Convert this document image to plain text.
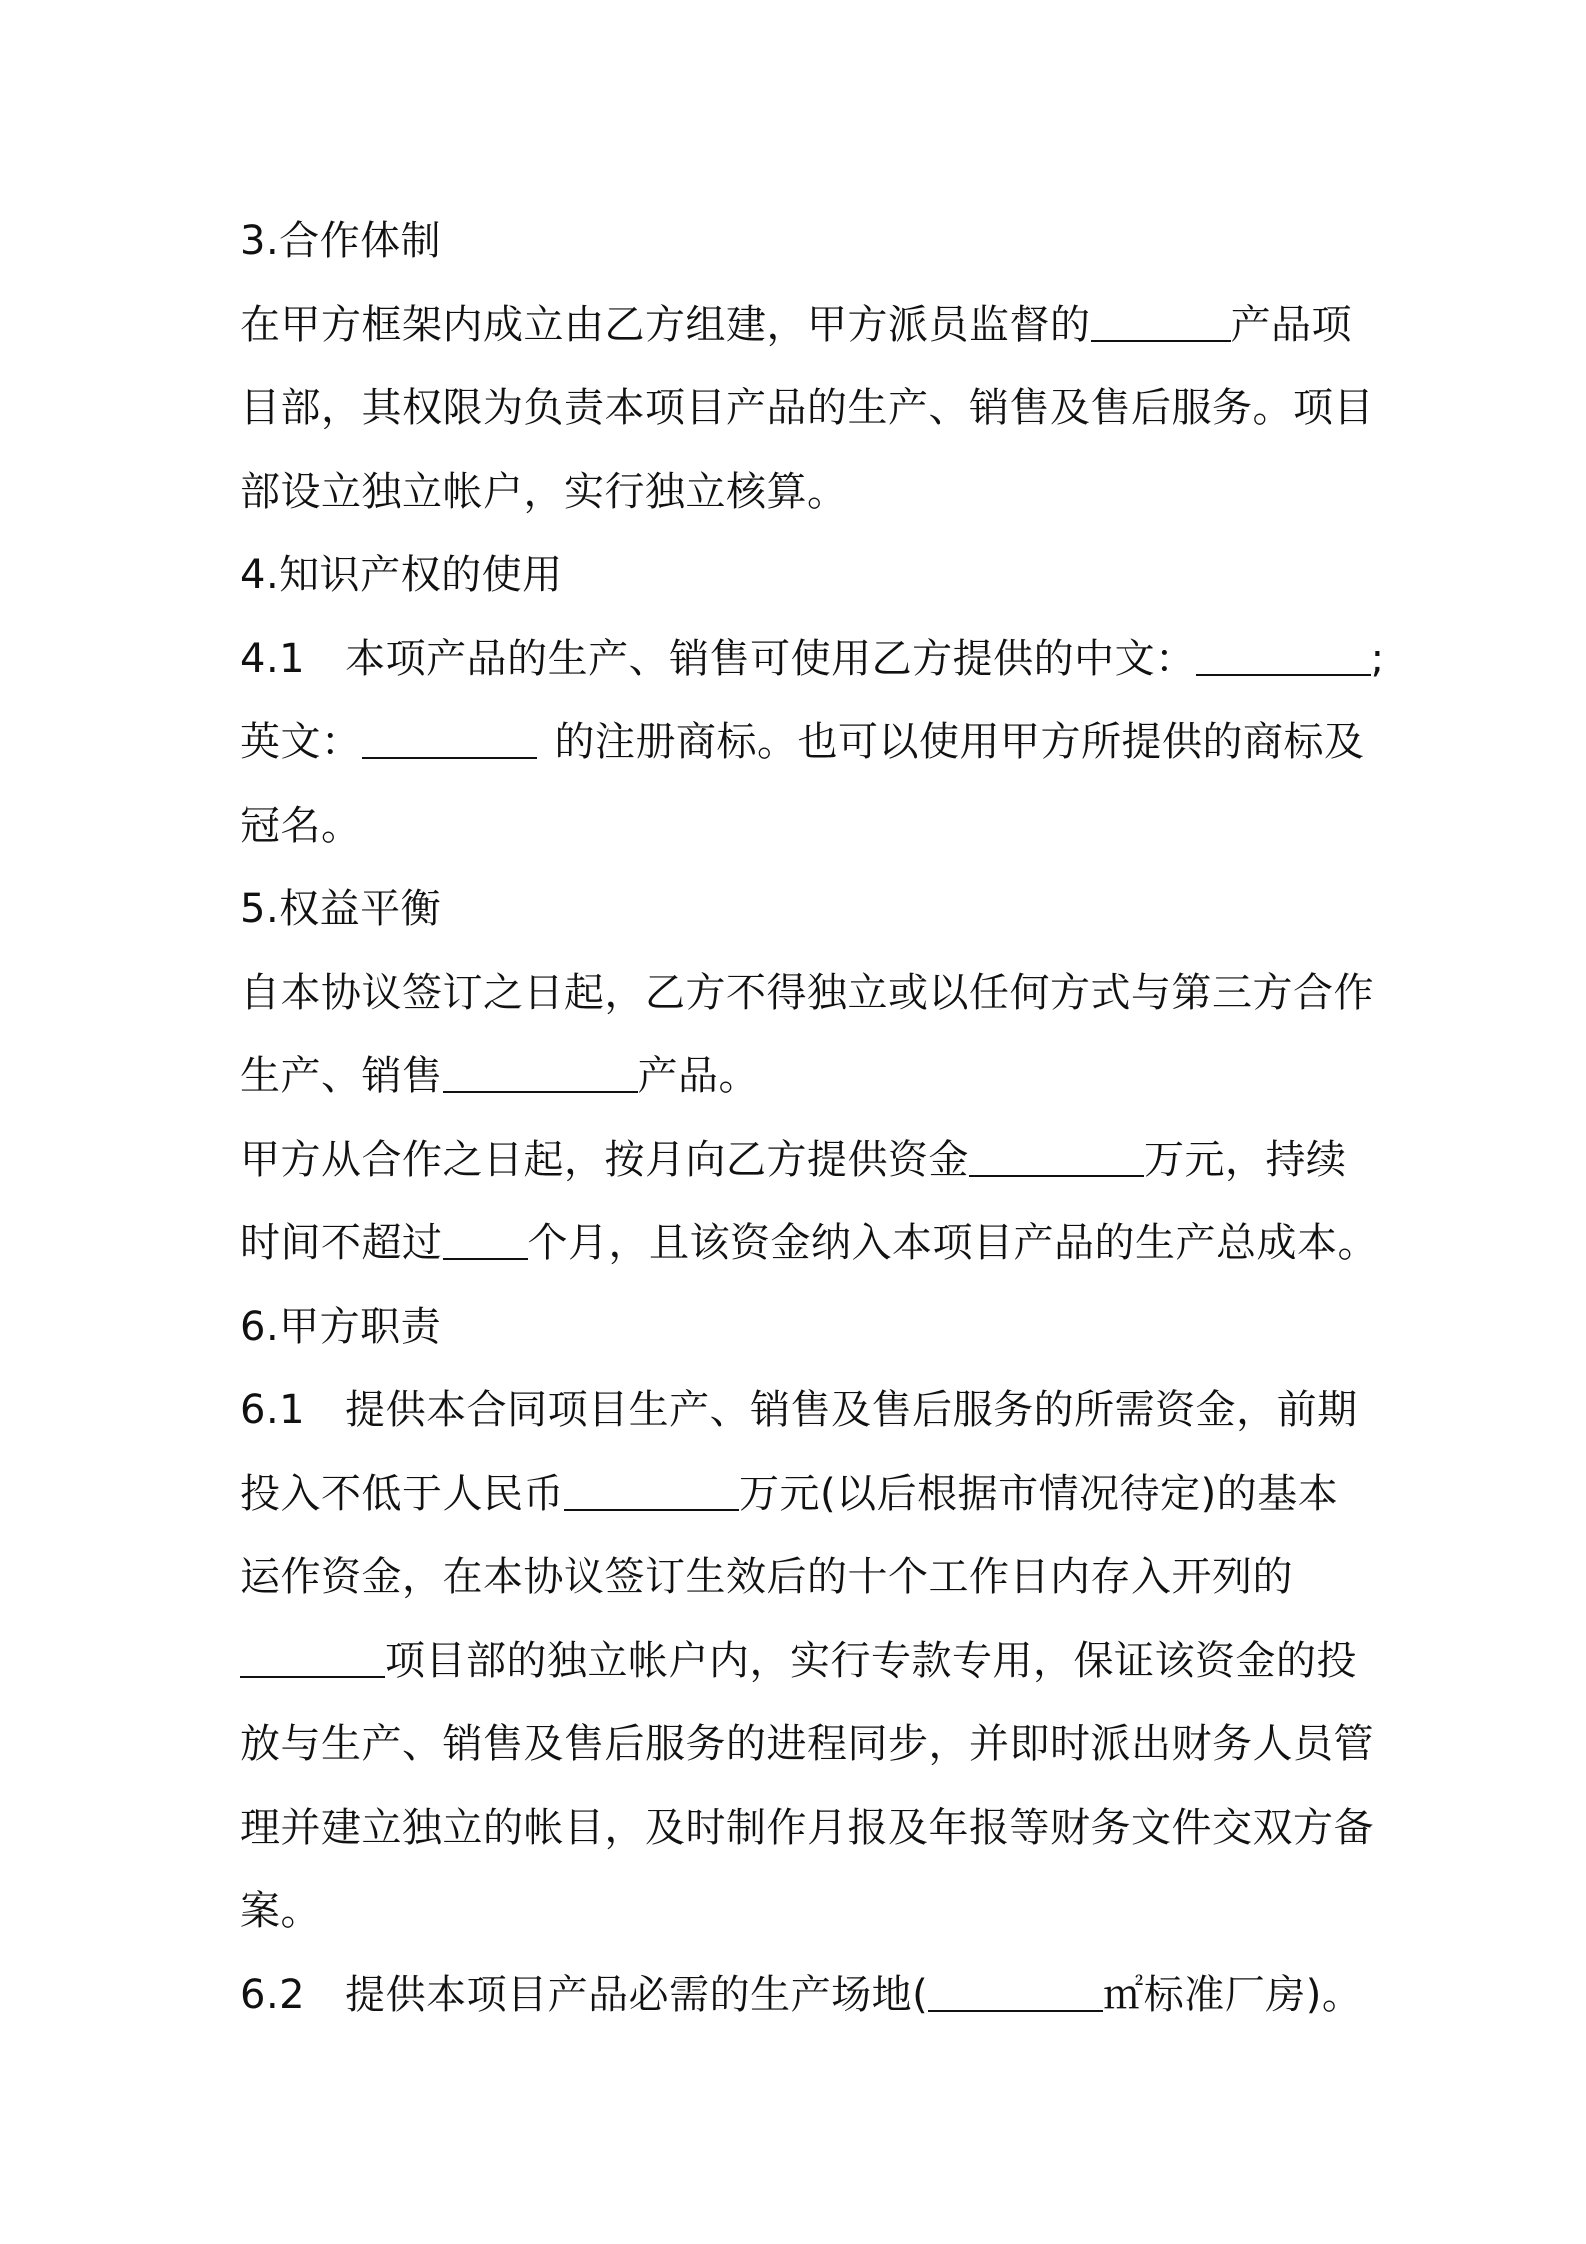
3.合作体制
在甲方框架内成立由乙方组建，甲方派员监督的	产品项
目部，其权限为负责本项目产品的生产、销售及售后服务。项目
部设立独立帐户，实行独立核算。
4.知识产权的使用
4.1 本项产品的生产、销售可使用乙方提供的中文：	;
英文：	的注册商标。也可以使用甲方所提供的商标及
冠名。
5.权益平衡
自本协议签订之日起，乙方不得独立或以任何方式与第三方合作
生产、销售	产品。
甲方从合作之日起，按月向乙方提供资金	万元，持续
时间不超过 个月，且该资金纳入本项目产品的生产总成本。
6.甲方职责
6.1 提供本合同项目生产、销售及售后服务的所需资金，前期
投入不低于人民币	万元(以后根据市情况待定)的基本
运作资金，在本协议签订生效后的十个工作日内存入开列的
项目部的独立帐户内，实行专款专用，保证该资金的投
放与生产、销售及售后服务的进程同步，并即时派出财务人员管
理并建立独立的帐目，及时制作月报及年报等财务文件交双方备
案。
6.2 提供本项目产品必需的生产场地(	㎡标准厂房)。
